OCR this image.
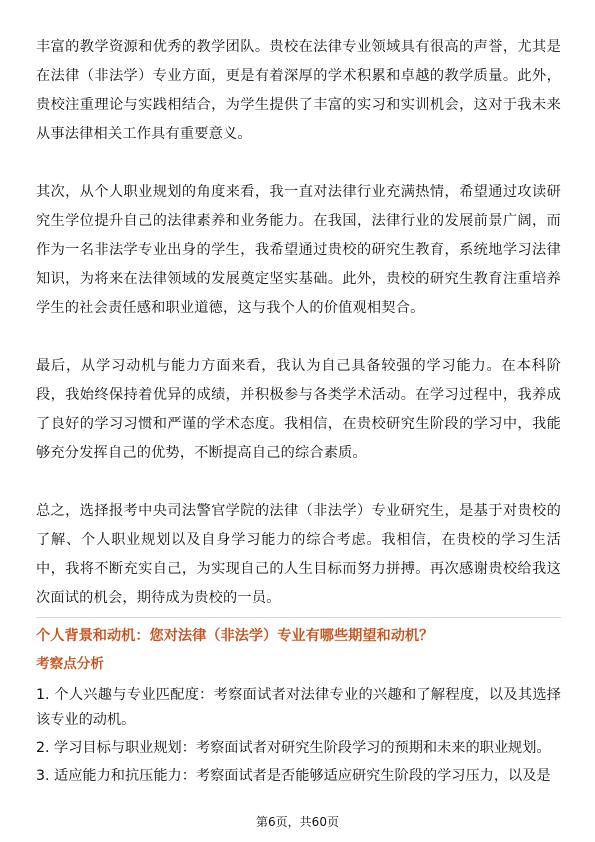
丰富的教学资源和优秀的教学团队。贵校在法律专业领域具有很高的声誉，尤其是在法律（非法学）专业方面，更是有着深厚的学术积累和卓越的教学质量。此外，贵校注重理论与实践相结合，为学生提供了丰富的实习和实训机会，这对于我未来从事法律相关工作具有重要意义。

其次，从个人职业规划的角度来看，我一直对法律行业充满热情，希望通过攻读研究生学位提升自己的法律素养和业务能力。在我国，法律行业的发展前景广阔，而作为一名非法学专业出身的学生，我希望通过贵校的研究生教育，系统地学习法律知识，为将来在法律领域的发展奠定坚实基础。此外，贵校的研究生教育注重培养学生的社会责任感和职业道德，这与我个人的价值观相契合。

最后，从学习动机与能力方面来看，我认为自己具备较强的学习能力。在本科阶段，我始终保持着优异的成绩，并积极参与各类学术活动。在学习过程中，我养成了良好的学习习惯和严谨的学术态度。我相信，在贵校研究生阶段的学习中，我能够充分发挥自己的优势，不断提高自己的综合素质。

总之，选择报考中央司法警官学院的法律（非法学）专业研究生，是基于对贵校的了解、个人职业规划以及自身学习能力的综合考虑。我相信，在贵校的学习生活中，我将不断充实自己，为实现自己的人生目标而努力拼搏。再次感谢贵校给我这次面试的机会，期待成为贵校的一员。

个人背景和动机：您对法律（非法学）专业有哪些期望和动机？
考察点分析
1. 个人兴趣与专业匹配度：考察面试者对法律专业的兴趣和了解程度，以及其选择该专业的动机。
2. 学习目标与职业规划：考察面试者对研究生阶段学习的预期和未来的职业规划。
3. 适应能力和抗压能力：考察面试者是否能够适应研究生阶段的学习压力，以及是
第6页，共60页
